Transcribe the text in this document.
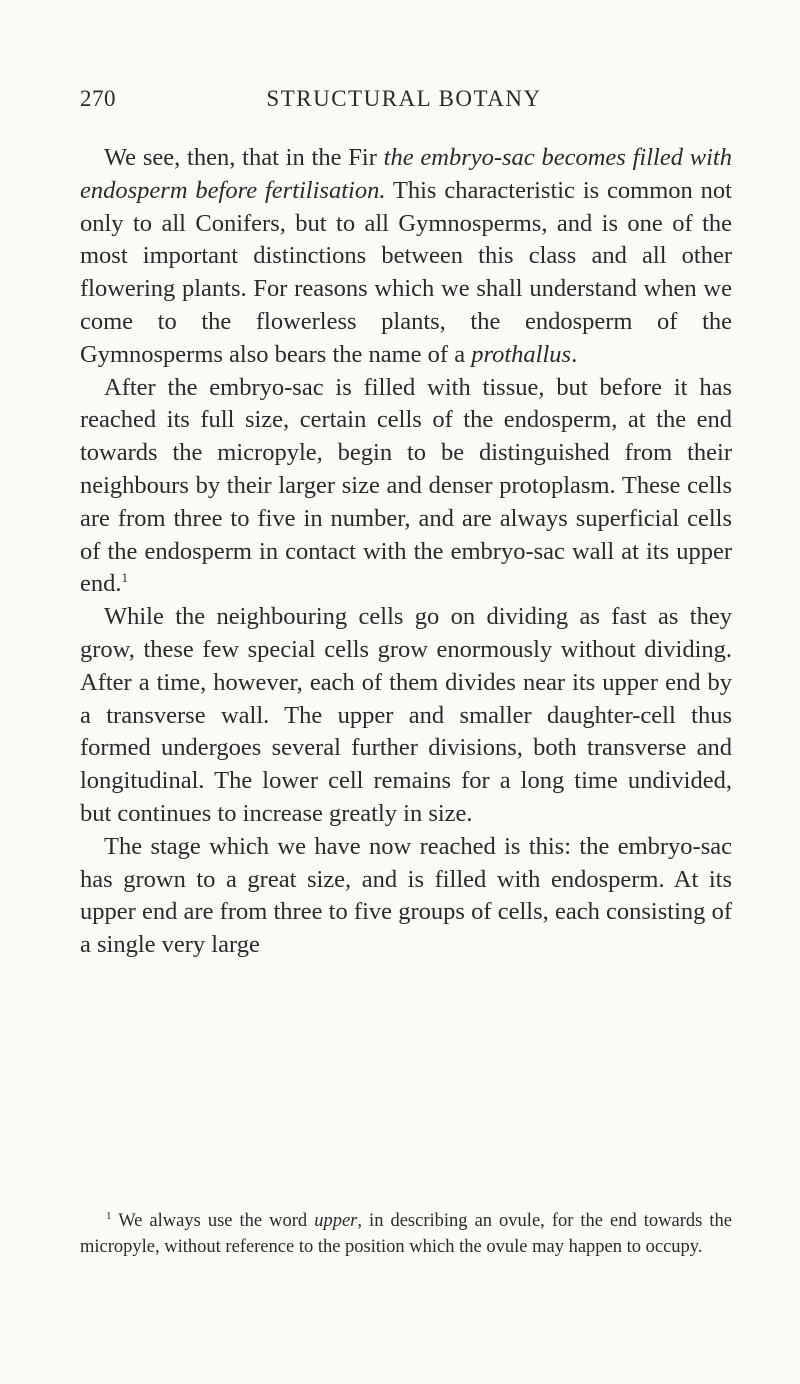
270	STRUCTURAL BOTANY

We see, then, that in the Fir the embryo-sac becomes filled with endosperm before fertilisation. This characteristic is common not only to all Conifers, but to all Gymnosperms, and is one of the most important distinctions between this class and all other flowering plants. For reasons which we shall understand when we come to the flowerless plants, the endosperm of the Gymnosperms also bears the name of a prothallus.

After the embryo-sac is filled with tissue, but before it has reached its full size, certain cells of the endosperm, at the end towards the micropyle, begin to be distinguished from their neighbours by their larger size and denser protoplasm. These cells are from three to five in number, and are always superficial cells of the endosperm in contact with the embryo-sac wall at its upper end.$^1$

While the neighbouring cells go on dividing as fast as they grow, these few special cells grow enormously without dividing. After a time, however, each of them divides near its upper end by a transverse wall. The upper and smaller daughter-cell thus formed undergoes several further divisions, both transverse and longitudinal. The lower cell remains for a long time undivided, but continues to increase greatly in size.

The stage which we have now reached is this: the embryo-sac has grown to a great size, and is filled with endosperm. At its upper end are from three to five groups of cells, each consisting of a single very large

$^1$ We always use the word upper, in describing an ovule, for the end towards the micropyle, without reference to the position which the ovule may happen to occupy.
